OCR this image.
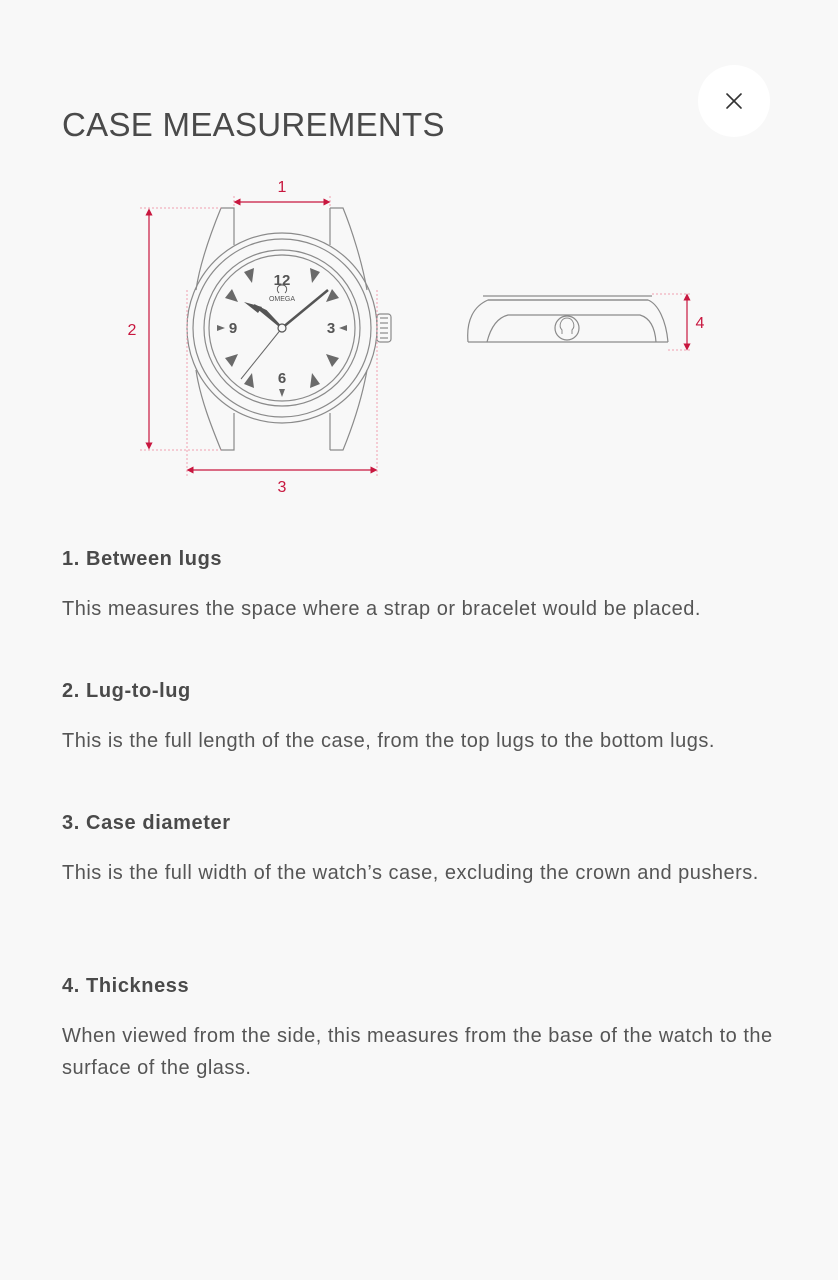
CASE MEASUREMENTS
12
3
6
9
OMEGA
1
2
3
4
1. Between lugs

This measures the space where a strap or bracelet would be placed.

2. Lug-to-lug

This is the full length of the case, from the top lugs to the bottom lugs.

3. Case diameter

This is the full width of the watch’s case, excluding the crown and pushers.

4. Thickness

When viewed from the side, this measures from the base of the watch to the surface of the glass.
